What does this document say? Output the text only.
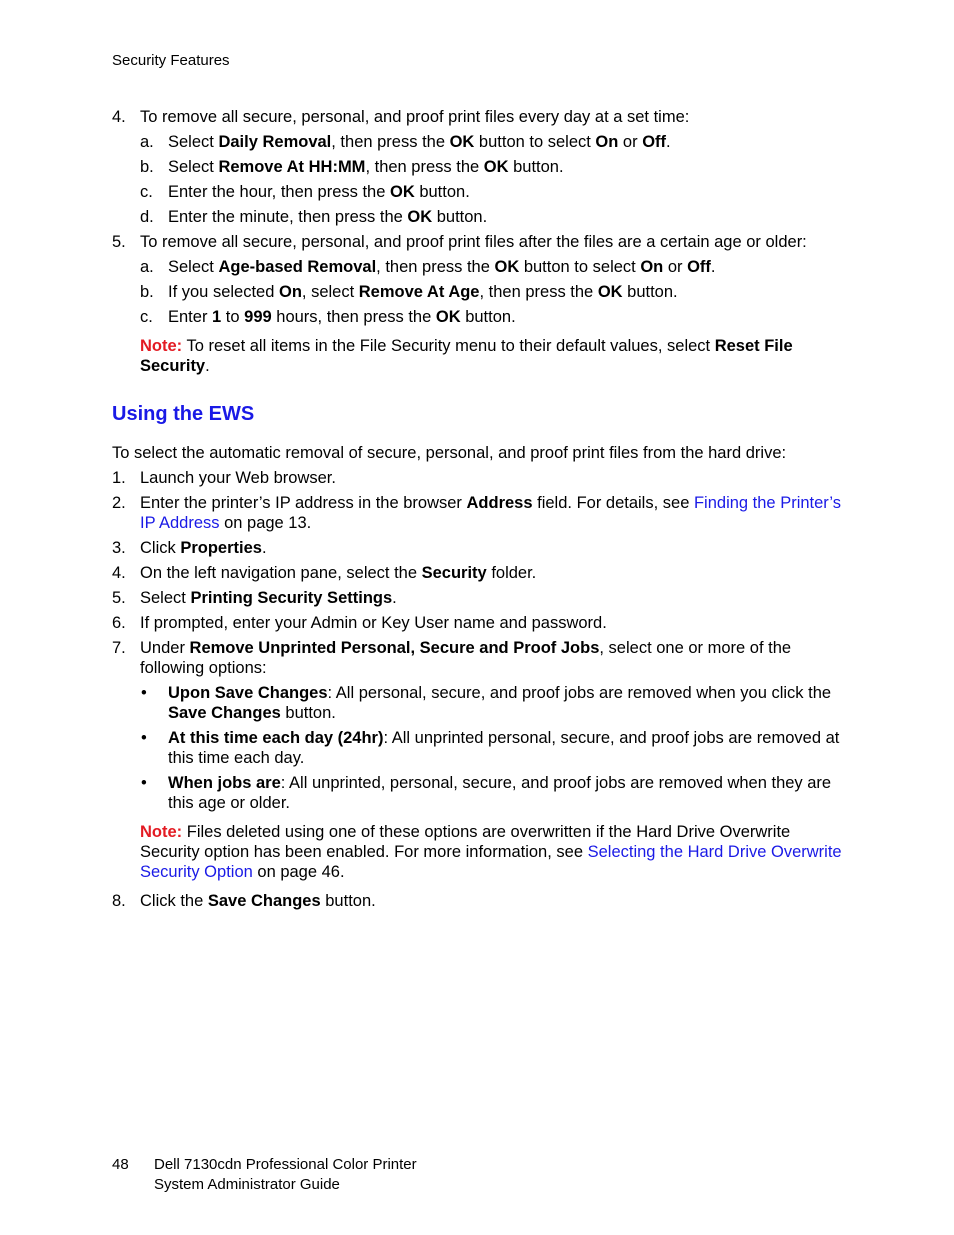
Security Features
4. To remove all secure, personal, and proof print files every day at a set time:
a. Select Daily Removal, then press the OK button to select On or Off.
b. Select Remove At HH:MM, then press the OK button.
c. Enter the hour, then press the OK button.
d. Enter the minute, then press the OK button.
5. To remove all secure, personal, and proof print files after the files are a certain age or older:
a. Select Age-based Removal, then press the OK button to select On or Off.
b. If you selected On, select Remove At Age, then press the OK button.
c. Enter 1 to 999 hours, then press the OK button.
Note: To reset all items in the File Security menu to their default values, select Reset File Security.
Using the EWS
To select the automatic removal of secure, personal, and proof print files from the hard drive:
1. Launch your Web browser.
2. Enter the printer’s IP address in the browser Address field. For details, see Finding the Printer’s IP Address on page 13.
3. Click Properties.
4. On the left navigation pane, select the Security folder.
5. Select Printing Security Settings.
6. If prompted, enter your Admin or Key User name and password.
7. Under Remove Unprinted Personal, Secure and Proof Jobs, select one or more of the following options:
• Upon Save Changes: All personal, secure, and proof jobs are removed when you click the Save Changes button.
• At this time each day (24hr): All unprinted personal, secure, and proof jobs are removed at this time each day.
• When jobs are: All unprinted, personal, secure, and proof jobs are removed when they are this age or older.
Note: Files deleted using one of these options are overwritten if the Hard Drive Overwrite Security option has been enabled. For more information, see Selecting the Hard Drive Overwrite Security Option on page 46.
8. Click the Save Changes button.
48 Dell 7130cdn Professional Color Printer
System Administrator Guide
